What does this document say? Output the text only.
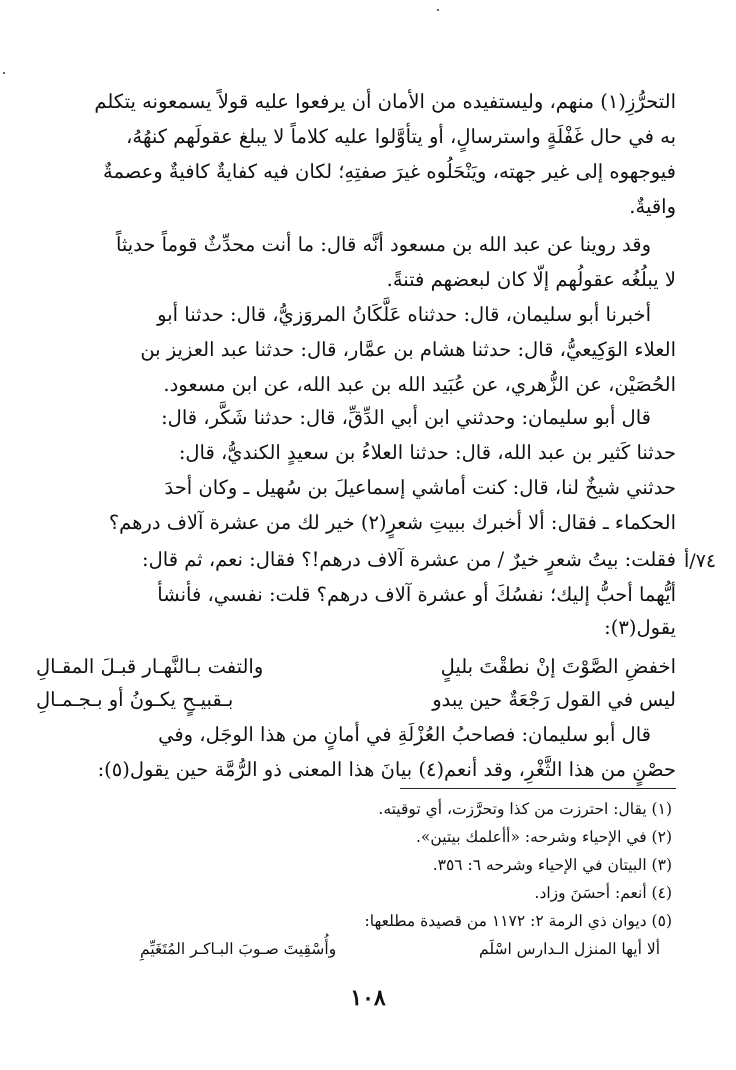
التحرُّزِ(١) منهم، وليستفيده من الأمان أن يرفعوا عليه قولاً يسمعونه يتكلم
به في حال غَفْلَةٍ واسترسالٍ، أو يتأوَّلوا عليه كلاماً لا يبلغ عقولَهم كنهُهُ،
فيوجهوه إلى غير جهته، ويَنْحَلُوه غيرَ صفتِهِ؛ لكان فيه كفايةٌ كافيةٌ وعصمةٌ
واقيةٌ.
وقد روينا عن عبد الله بن مسعود أنَّه قال: ما أنت محدِّثٌ قوماً حديثاً
لا يبلُغُه عقولُهم إلّا كان لبعضهم فتنةً.
أخبرنا أبو سليمان، قال: حدثناه عَلَّكَانُ المروَزيُّ، قال: حدثنا أبو
العلاء الوَكِيعيُّ، قال: حدثنا هشام بن عمَّار، قال: حدثنا عبد العزيز بن
الحُصَيْن، عن الزُّهري، عن عُبَيد الله بن عبد الله، عن ابن مسعود.
قال أبو سليمان: وحدثني ابن أبي الدِّقِّ، قال: حدثنا شَكَّر، قال:
حدثنا كَثير بن عبد الله، قال: حدثنا العلاءُ بن سعيدٍ الكنديُّ، قال:
حدثني شيخٌ لنا، قال: كنت أماشي إسماعيلَ بن سُهيل ـ وكان أحدَ
الحكماء ـ فقال: ألا أخبرك ببيتِ شعرٍ(٢) خير لك من عشرة آلاف درهم؟
فقلت: بيتُ شعرٍ خيرٌ / من عشرة آلاف درهم!؟ فقال: نعم، ثم قال:
أيُّهما أحبُّ إليك؛ نفسُكَ أو عشرة آلاف درهم؟ قلت: نفسي، فأنشأ
يقول(٣):
٧٤/أ
اخفضِ الصَّوْتَ إنْ نطقْتَ بليلٍ
والتفت بـالنَّهـار قبـلَ المقـالِ
ليس في القول رَجْعَةٌ حين يبدو
بـقبيـحٍ يكـونُ أو بـجـمـالِ
قال أبو سليمان: فصاحبُ العُزْلَةِ في أمانٍ من هذا الوجَل، وفي
حصْنٍ من هذا الثَّغْرِ، وقد أنعم(٤) بيانَ هذا المعنى ذو الرُّمَّة حين يقول(٥):
(١) يقال: احترزت من كذا وتحرَّزت، أي توقيته.
(٢) في الإحياء وشرحه: «أأعلمك بيتين».
(٣) البيتان في الإحياء وشرحه ٦: ٣٥٦.
(٤) أنعم: أحسَنَ وزاد.
(٥) ديوان ذي الرمة ٢: ١١٧٢ من قصيدة مطلعها:
ألا أيها المنزل الـدارس اسْلَم
وأُسْقِيتَ صـوبَ البـاكـر المُتَغَيِّمِ
١٠٨
